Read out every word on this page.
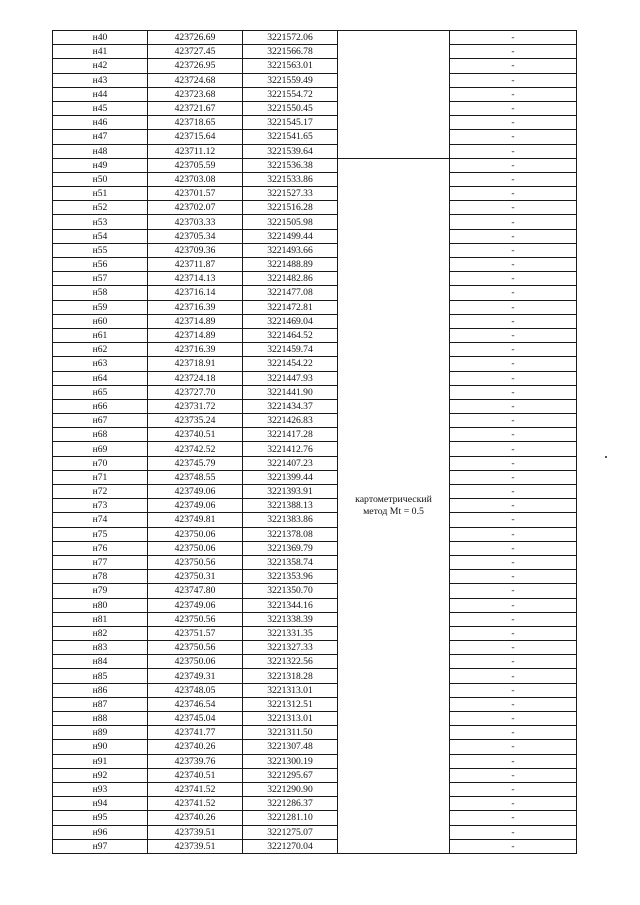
н40	423726.69	3221572.06		-
н41	423727.45	3221566.78		-
н42	423726.95	3221563.01		-
н43	423724.68	3221559.49		-
н44	423723.68	3221554.72		-
н45	423721.67	3221550.45		-
н46	423718.65	3221545.17		-
н47	423715.64	3221541.65		-
н48	423711.12	3221539.64		-
н49	423705.59	3221536.38	картометрический метод Mt = 0.5	-
н50	423703.08	3221533.86		-
н51	423701.57	3221527.33		-
н52	423702.07	3221516.28		-
н53	423703.33	3221505.98		-
н54	423705.34	3221499.44		-
н55	423709.36	3221493.66		-
н56	423711.87	3221488.89		-
н57	423714.13	3221482.86		-
н58	423716.14	3221477.08		-
н59	423716.39	3221472.81		-
н60	423714.89	3221469.04		-
н61	423714.89	3221464.52		-
н62	423716.39	3221459.74		-
н63	423718.91	3221454.22		-
н64	423724.18	3221447.93		-
н65	423727.70	3221441.90		-
н66	423731.72	3221434.37		-
н67	423735.24	3221426.83		-
н68	423740.51	3221417.28		-
н69	423742.52	3221412.76		-
н70	423745.79	3221407.23		-
н71	423748.55	3221399.44		-
н72	423749.06	3221393.91		-
н73	423749.06	3221388.13		-
н74	423749.81	3221383.86		-
н75	423750.06	3221378.08		-
н76	423750.06	3221369.79		-
н77	423750.56	3221358.74		-
н78	423750.31	3221353.96		-
н79	423747.80	3221350.70		-
н80	423749.06	3221344.16		-
н81	423750.56	3221338.39		-
н82	423751.57	3221331.35		-
н83	423750.56	3221327.33		-
н84	423750.06	3221322.56		-
н85	423749.31	3221318.28		-
н86	423748.05	3221313.01		-
н87	423746.54	3221312.51		-
н88	423745.04	3221313.01		-
н89	423741.77	3221311.50		-
н90	423740.26	3221307.48		-
н91	423739.76	3221300.19		-
н92	423740.51	3221295.67		-
н93	423741.52	3221290.90		-
н94	423741.52	3221286.37		-
н95	423740.26	3221281.10		-
н96	423739.51	3221275.07		-
н97	423739.51	3221270.04		-
